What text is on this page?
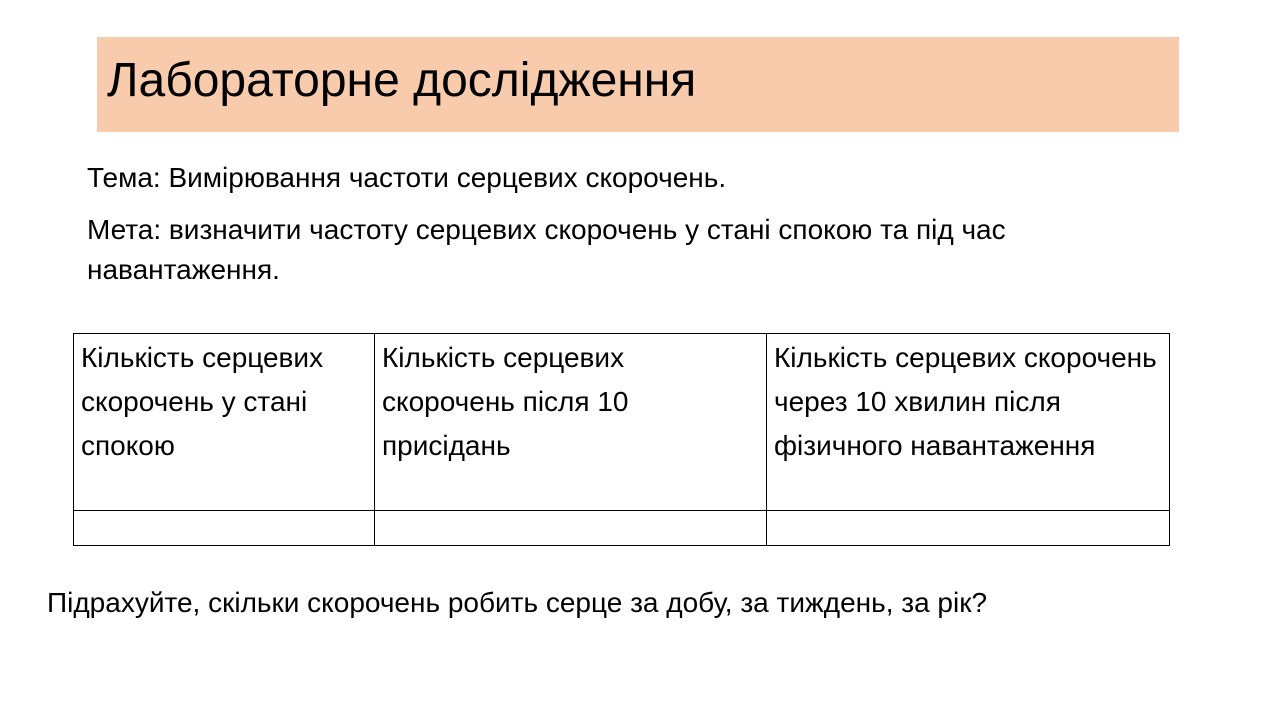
Лабораторне дослідження
Тема: Вимірювання частоти серцевих скорочень.
Мета: визначити частоту серцевих скорочень у стані спокою та під час навантаження.
Кількість серцевих скорочень у стані спокою	Кількість серцевих скорочень після 10 присідань	Кількість серцевих скорочень через 10 хвилин після фізичного навантаження

Підрахуйте, скільки скорочень робить серце за добу, за тиждень, за рік?
